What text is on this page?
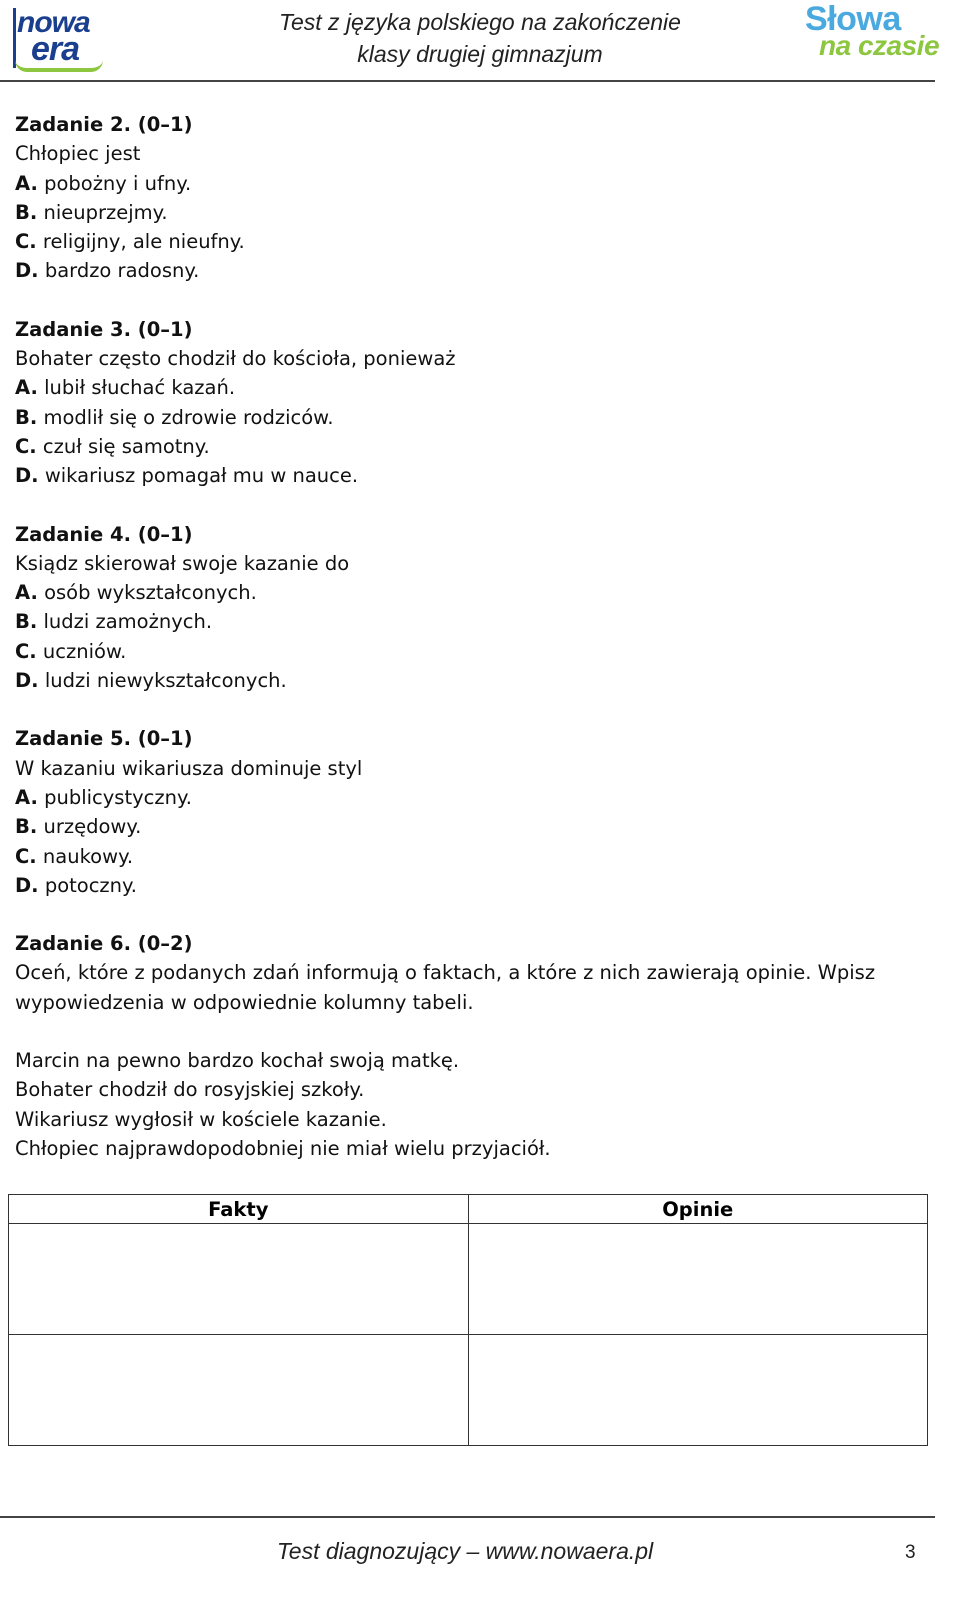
nowa
era
Test z języka polskiego na zakończenie
klasy drugiej gimnazjum
Słowa
na czasie
Zadanie 2. (0–1)
Chłopiec jest
A. pobożny i ufny.
B. nieuprzejmy.
C. religijny, ale nieufny.
D. bardzo radosny.
Zadanie 3. (0–1)
Bohater często chodził do kościoła, ponieważ
A. lubił słuchać kazań.
B. modlił się o zdrowie rodziców.
C. czuł się samotny.
D. wikariusz pomagał mu w nauce.
Zadanie 4. (0–1)
Ksiądz skierował swoje kazanie do
A. osób wykształconych.
B. ludzi zamożnych.
C. uczniów.
D. ludzi niewykształconych.
Zadanie 5. (0–1)
W kazaniu wikariusza dominuje styl
A. publicystyczny.
B. urzędowy.
C. naukowy.
D. potoczny.
Zadanie 6. (0–2)
Oceń, które z podanych zdań informują o faktach, a które z nich zawierają opinie. Wpisz
wypowiedzenia w odpowiednie kolumny tabeli.
Marcin na pewno bardzo kochał swoją matkę.
Bohater chodził do rosyjskiej szkoły.
Wikariusz wygłosił w kościele kazanie.
Chłopiec najprawdopodobniej nie miał wielu przyjaciół.
Fakty	Opinie

Test diagnozujący – www.nowaera.pl	3
